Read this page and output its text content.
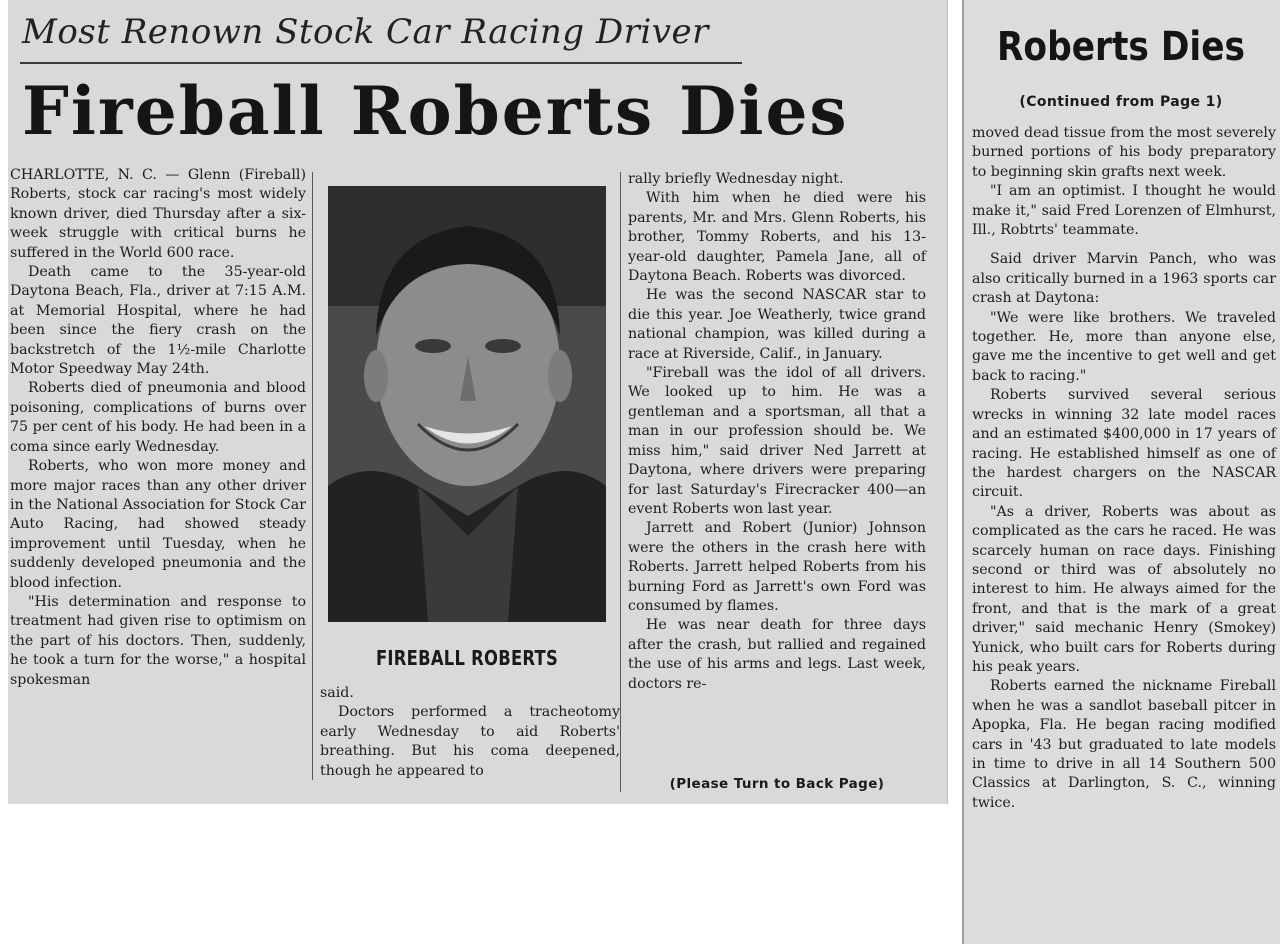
Most Renown Stock Car Racing Driver
Fireball Roberts Dies

CHARLOTTE, N. C. — Glenn (Fireball) Roberts, stock car racing's most widely known driver, died Thursday after a six-week struggle with critical burns he suffered in the World 600 race.

Death came to the 35-year-old Daytona Beach, Fla., driver at 7:15 A.M. at Memorial Hospital, where he had been since the fiery crash on the backstretch of the 1½-mile Charlotte Motor Speedway May 24th.

Roberts died of pneumonia and blood poisoning, complications of burns over 75 per cent of his body. He had been in a coma since early Wednesday.

Roberts, who won more money and more major races than any other driver in the National Association for Stock Car Auto Racing, had showed steady improvement until Tuesday, when he suddenly developed pneumonia and the blood infection.

"His determination and response to treatment had given rise to optimism on the part of his doctors. Then, suddenly, he took a turn for the worse," a hospital spokesman

FIREBALL ROBERTS

said.

Doctors performed a tracheotomy early Wednesday to aid Roberts' breathing. But his coma deepened, though he appeared to

rally briefly Wednesday night.

With him when he died were his parents, Mr. and Mrs. Glenn Roberts, his brother, Tommy Roberts, and his 13-year-old daughter, Pamela Jane, all of Daytona Beach. Roberts was divorced.

He was the second NASCAR star to die this year. Joe Weatherly, twice grand national champion, was killed during a race at Riverside, Calif., in January.

"Fireball was the idol of all drivers. We looked up to him. He was a gentleman and a sportsman, all that a man in our profession should be. We miss him," said driver Ned Jarrett at Daytona, where drivers were preparing for last Saturday's Firecracker 400—an event Roberts won last year.

Jarrett and Robert (Junior) Johnson were the others in the crash here with Roberts. Jarrett helped Roberts from his burning Ford as Jarrett's own Ford was consumed by flames.

He was near death for three days after the crash, but rallied and regained the use of his arms and legs. Last week, doctors re-

(Please Turn to Back Page)
Roberts Dies
(Continued from Page 1)

moved dead tissue from the most severely burned portions of his body preparatory to beginning skin grafts next week.

"I am an optimist. I thought he would make it," said Fred Lorenzen of Elmhurst, Ill., Robtrts' teammate.

Said driver Marvin Panch, who was also critically burned in a 1963 sports car crash at Daytona:

"We were like brothers. We traveled together. He, more than anyone else, gave me the incentive to get well and get back to racing."

Roberts survived several serious wrecks in winning 32 late model races and an estimated $400,000 in 17 years of racing. He established himself as one of the hardest chargers on the NASCAR circuit.

"As a driver, Roberts was about as complicated as the cars he raced. He was scarcely human on race days. Finishing second or third was of absolutely no interest to him. He always aimed for the front, and that is the mark of a great driver," said mechanic Henry (Smokey) Yunick, who built cars for Roberts during his peak years.

Roberts earned the nickname Fireball when he was a sandlot baseball pitcer in Apopka, Fla. He began racing modified cars in '43 but graduated to late models in time to drive in all 14 Southern 500 Classics at Darlington, S. C., winning twice.
